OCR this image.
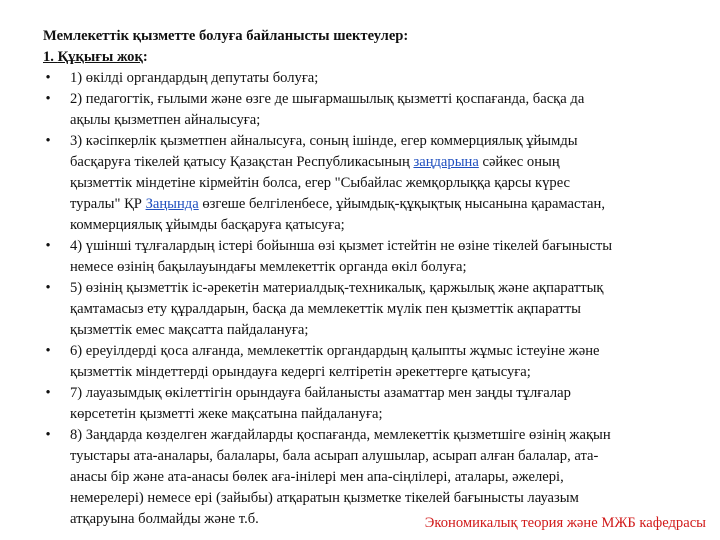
Мемлекеттік қызметте болуға байланысты шектеулер:
1. Құқығы жоқ:
• 1) өкілді органдардың депутаты болуға;
• 2) педагогтік, ғылыми және өзге де шығармашылық қызметті қоспағанда, басқа да
ақылы қызметпен айналысуға;
• 3) кәсіпкерлік қызметпен айналысуға, соның ішінде, егер коммерциялық ұйымды
басқаруға тікелей қатысу Қазақстан Республикасының заңдарына сәйкес оның
қызметтік міндетіне кірмейтін болса, егер "Сыбайлас жемқорлыққа қарсы күрес
туралы" ҚР Заңында өзгеше белгіленбесе, ұйымдық-құқықтық нысанына қарамастан,
коммерциялық ұйымды басқаруға қатысуға;
• 4) үшінші тұлғалардың істері бойынша өзі қызмет істейтін не өзіне тікелей бағынысты
немесе өзінің бақылауындағы мемлекеттік органда өкіл болуға;
• 5) өзінің қызметтік іс-әрекетін материалдық-техникалық, қаржылық және ақпараттық
қамтамасыз ету құралдарын, басқа да мемлекеттік мүлік пен қызметтік ақпаратты
қызметтік емес мақсатта пайдалануға;
• 6) ереуілдерді қоса алғанда, мемлекеттік органдардың қалыпты жұмыс істеуіне және
қызметтік міндеттерді орындауға кедергі келтіретін әрекеттерге қатысуға;
• 7) лауазымдық өкілеттігін орындауға байланысты азаматтар мен заңды тұлғалар
көрсететін қызметті жеке мақсатына пайдалануға;
• 8) Заңдарда көзделген жағдайларды қоспағанда, мемлекеттік қызметшіге өзінің жақын
туыстары ата-аналары, балалары, бала асырап алушылар, асырап алған балалар, ата-
анасы бір және ата-анасы бөлек аға-інілері мен апа-сіңлілері, аталары, әжелері,
немерелері) немесе ері (зайыбы) атқаратын қызметке тікелей бағынысты лауазым
атқаруына болмайды және т.б.	Экономикалық теория және МЖБ кафедрасы
